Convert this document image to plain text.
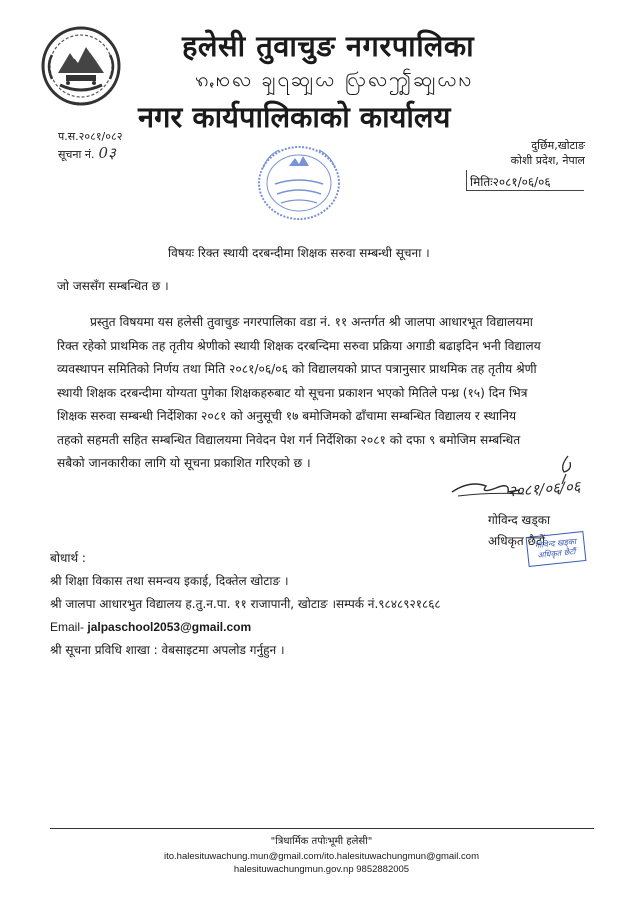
हलेसी तुवाचुङ नगरपालिका
ꩫꩻꩯꩮ ꩾ꩹ꩿꩬ ꩺꩮꩶꩼꩿꩬꩳ
नगर कार्यपालिकाको कार्यालय
प.स.२०८१/०८२
सूचना नं. 0३	दुर्छिम,खोटाङ
कोशी प्रदेश, नेपाल
मितिः२०८१/०६/०६
विषयः रिक्त स्थायी दरबन्दीमा शिक्षक सरुवा सम्बन्धी सूचना ।
जो जससँग सम्बन्धित छ ।
प्रस्तुत विषयमा यस हलेसी तुवाचुङ नगरपालिका वडा नं. ११ अन्तर्गत श्री जालपा आधारभूत विद्यालयमा
रिक्त रहेको प्राथमिक तह तृतीय श्रेणीको स्थायी शिक्षक दरबन्दिमा सरुवा प्रक्रिया अगाडी बढाइदिन भनी विद्यालय
व्यवस्थापन समितिको निर्णय तथा मिति २०८१/०६/०६ को विद्यालयको प्राप्त पत्रानुसार प्राथमिक तह तृतीय श्रेणी
स्थायी शिक्षक दरबन्दीमा योग्यता पुगेका शिक्षकहरुबाट यो सूचना प्रकाशन भएको मितिले पन्ध्र (१५) दिन भित्र
शिक्षक सरुवा सम्बन्धी निर्देशिका २०८१ को अनुसूची १७ बमोजिमको ढाँचामा सम्बन्धित विद्यालय र स्थानिय
तहको सहमती सहित सम्बन्धित विद्यालयमा निवेदन पेश गर्न निर्देशिका २०८१ को दफा ९ बमोजिम सम्बन्धित
सबैको जानकारीका लागि यो सूचना प्रकाशित गरिएको छ ।
२०८१/०६/०६
गोविन्द खड्का
अधिकृत छैटौं
गोविन्द खड्का
अधिकृत छैटौं
बोधार्थ :
श्री शिक्षा विकास तथा समन्वय इकाई, दिक्तेल खोटाङ ।
श्री जालपा आधारभुत विद्यालय ह.तु.न.पा. ११ राजापानी, खोटाङ ।सम्पर्क नं.९८४८९२१८६८
Email- jalpaschool2053@gmail.com
श्री सूचना प्रविधि शाखा : वेबसाइटमा अपलोड गर्नुहुन ।
"त्रिधार्मिक तपोःभूमी हलेसी"
ito.halesituwachung.mun@gmail.com/ito.halesituwachungmun@gmail.com
halesituwachungmun.gov.np 9852882005
